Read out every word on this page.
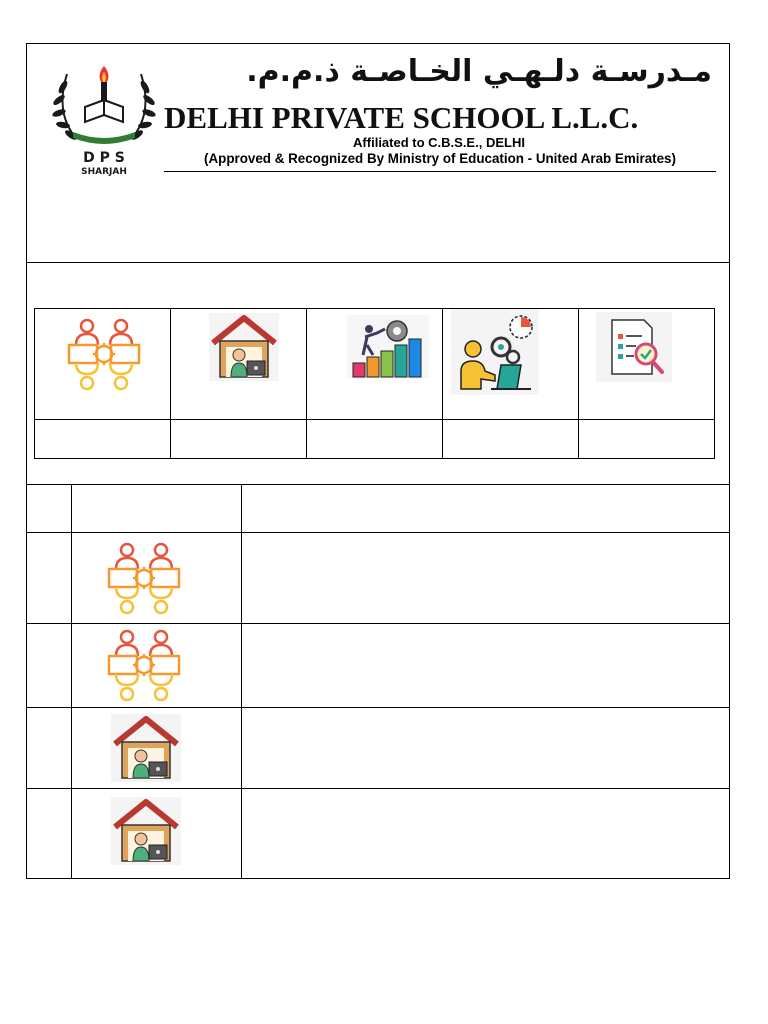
D P S
SHARJAH
مـدرسـة دلـهـي الخـاصـة ذ.م.م.
DELHI PRIVATE SCHOOL L.L.C.
Affiliated to C.B.S.E., DELHI
(Approved & Recognized By Ministry of Education - United Arab Emirates)
